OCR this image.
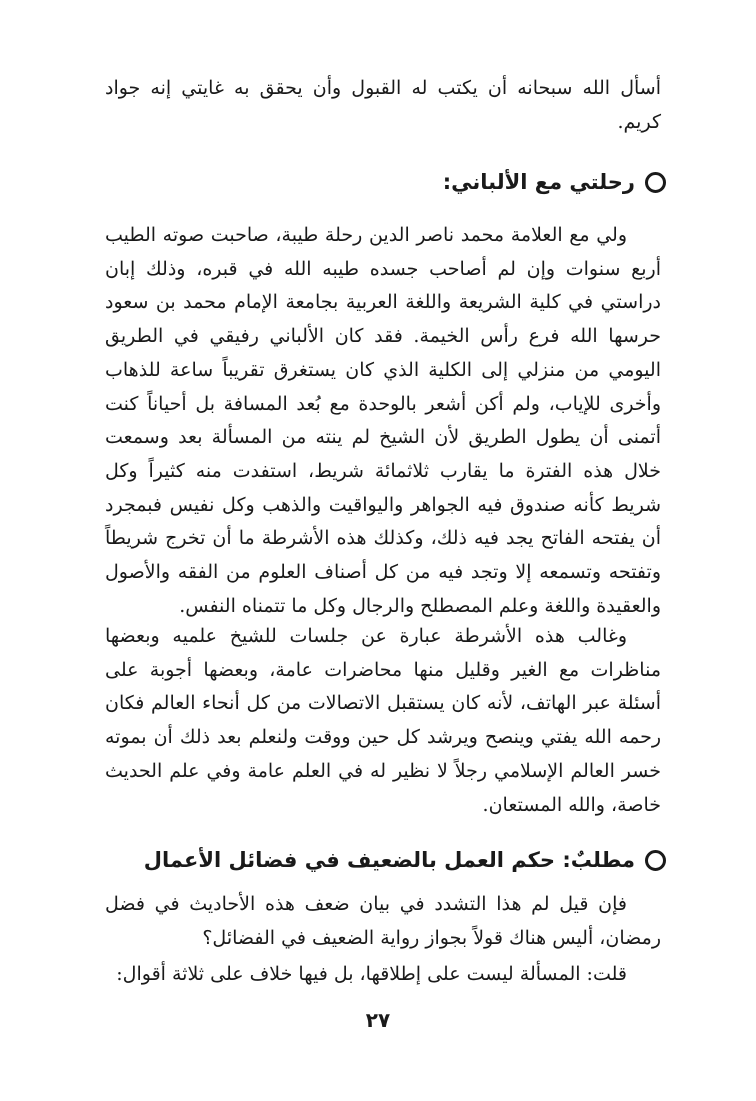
أسأل الله سبحانه أن يكتب له القبول وأن يحقق به غايتي إنه جواد كريم.

رحلتي مع الألباني:

ولي مع العلامة محمد ناصر الدين رحلة طيبة، صاحبت صوته الطيب أربع سنوات وإن لم أصاحب جسده طيبه الله في قبره، وذلك إبان دراستي في كلية الشريعة واللغة العربية بجامعة الإمام محمد بن سعود حرسها الله فرع رأس الخيمة. فقد كان الألباني رفيقي في الطريق اليومي من منزلي إلى الكلية الذي كان يستغرق تقريباً ساعة للذهاب وأخرى للإياب، ولم أكن أشعر بالوحدة مع بُعد المسافة بل أحياناً كنت أتمنى أن يطول الطريق لأن الشيخ لم ينته من المسألة بعد وسمعت خلال هذه الفترة ما يقارب ثلاثمائة شريط، استفدت منه كثيراً وكل شريط كأنه صندوق فيه الجواهر واليواقيت والذهب وكل نفيس فبمجرد أن يفتحه الفاتح يجد فيه ذلك، وكذلك هذه الأشرطة ما أن تخرج شريطاً وتفتحه وتسمعه إلا وتجد فيه من كل أصناف العلوم من الفقه والأصول والعقيدة واللغة وعلم المصطلح والرجال وكل ما تتمناه النفس.

وغالب هذه الأشرطة عبارة عن جلسات للشيخ علميه وبعضها مناظرات مع الغير وقليل منها محاضرات عامة، وبعضها أجوبة على أسئلة عبر الهاتف، لأنه كان يستقبل الاتصالات من كل أنحاء العالم فكان رحمه الله يفتي وينصح ويرشد كل حين ووقت ولنعلم بعد ذلك أن بموته خسر العالم الإسلامي رجلاً لا نظير له في العلم عامة وفي علم الحديث خاصة، والله المستعان.

مطلبٌ: حكم العمل بالضعيف في فضائل الأعمال

فإن قيل لم هذا التشدد في بيان ضعف هذه الأحاديث في فضل رمضان، أليس هناك قولاً بجواز رواية الضعيف في الفضائل؟

قلت: المسألة ليست على إطلاقها، بل فيها خلاف على ثلاثة أقوال:

٢٧
